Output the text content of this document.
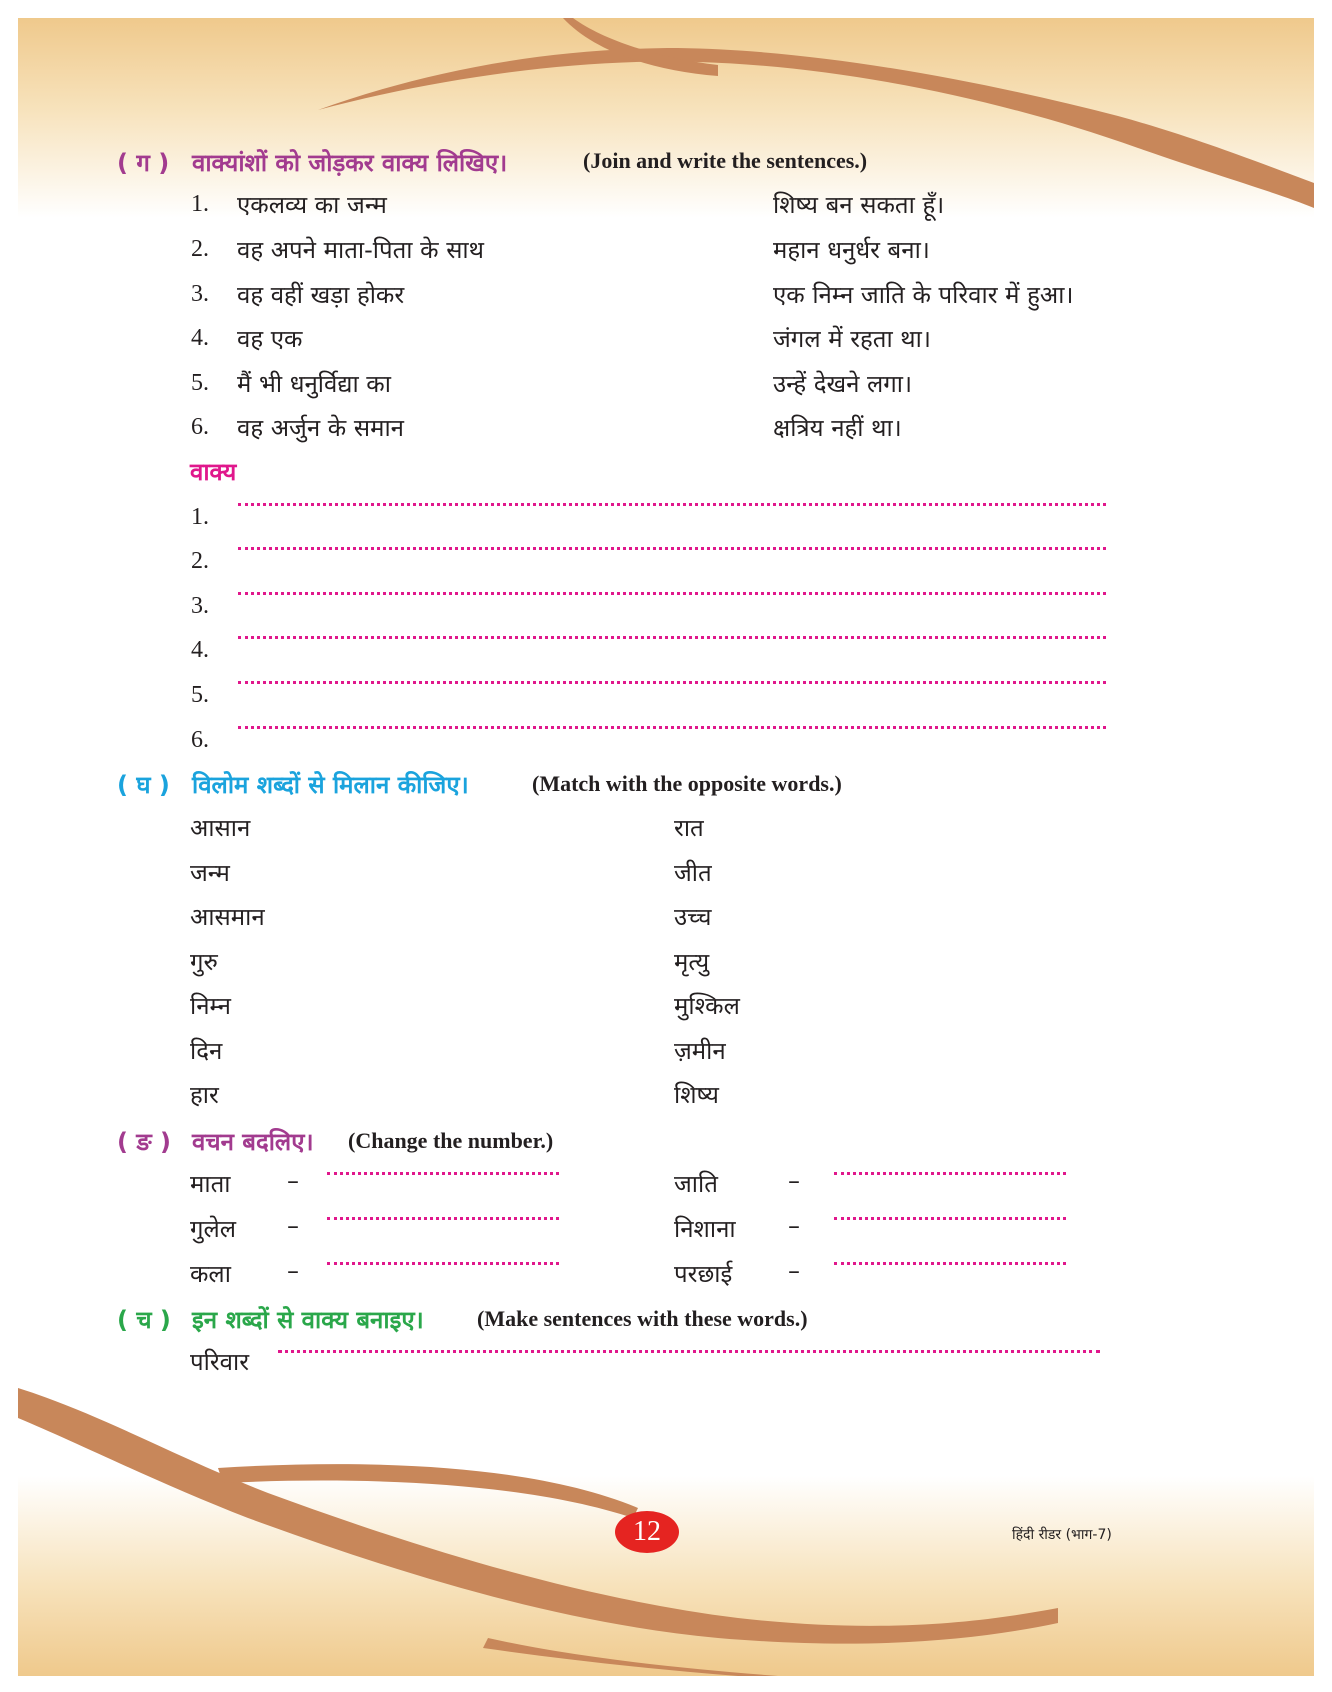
( ग ) वाक्यांशों को जोड़कर वाक्य लिखिए।	(Join and write the sentences.)
1. एकलव्य का जन्म	शिष्य बन सकता हूँ।
2. वह अपने माता-पिता के साथ	महान धनुर्धर बना।
3. वह वहीं खड़ा होकर	एक निम्न जाति के परिवार में हुआ।
4. वह एक	जंगल में रहता था।
5. मैं भी धनुर्विद्या का	उन्हें देखने लगा।
6. वह अर्जुन के समान	क्षत्रिय नहीं था।
वाक्य
1.
2.
3.
4.
5.
6.
( घ ) विलोम शब्दों से मिलान कीजिए।	(Match with the opposite words.)
आसान	रात
जन्म	जीत
आसमान	उच्च
गुरु	मृत्यु
निम्न	मुश्किल
दिन	ज़मीन
हार	शिष्य
( ङ ) वचन बदलिए। (Change the number.)
माता –	जाति	–
गुलेल –	निशाना –
कला –	परछाई –
( च ) इन शब्दों से वाक्य बनाइए। (Make sentences with these words.)
परिवार
12	हिंदी रीडर (भाग-7)
